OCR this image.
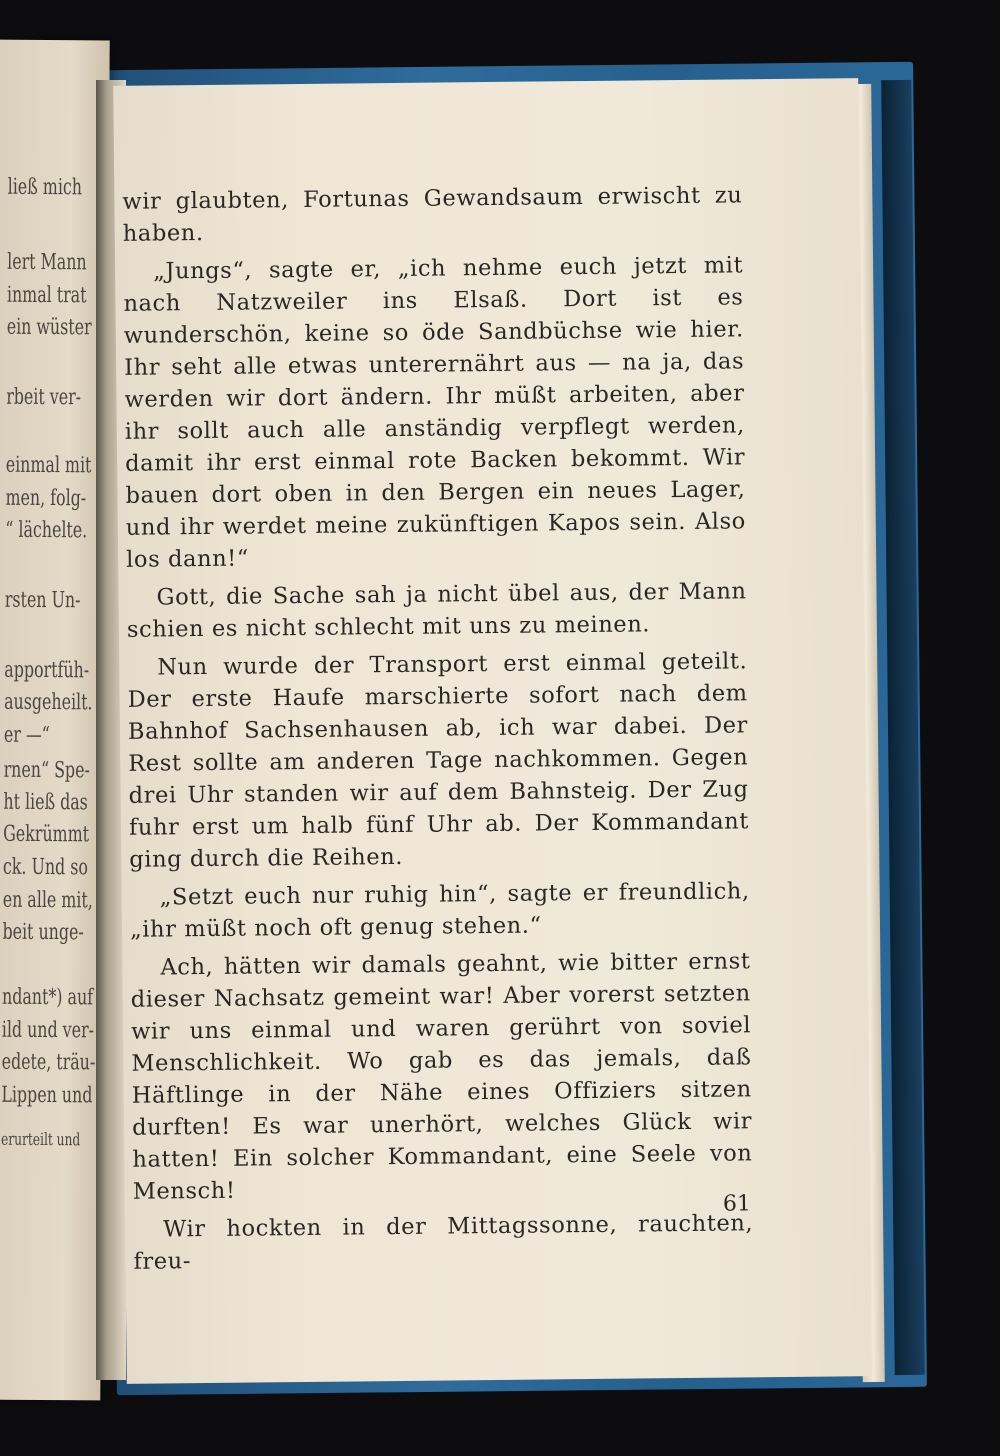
ließ mich
lert Mann
inmal trat
ein wüster
rbeit ver-
einmal mit
men, folg-
“ lächelte.
rsten Un-
apportfüh-
ausgeheilt.
er —“
rnen“ Spe-
ht ließ das
Gekrümmt
ck. Und so
en alle mit,
beit unge-
ndant*) auf
ild und ver-
edete, träu-
Lippen und
erurteilt und

wir glaubten, Fortunas Gewandsaum erwischt zu haben.

„Jungs“, sagte er, „ich nehme euch jetzt mit nach Natzweiler ins Elsaß. Dort ist es wunderschön, keine so öde Sandbüchse wie hier. Ihr seht alle etwas unterernährt aus — na ja, das werden wir dort ändern. Ihr müßt arbeiten, aber ihr sollt auch alle anständig verpflegt werden, damit ihr erst einmal rote Backen bekommt. Wir bauen dort oben in den Bergen ein neues Lager, und ihr werdet meine zukünftigen Kapos sein. Also los dann!“

Gott, die Sache sah ja nicht übel aus, der Mann schien es nicht schlecht mit uns zu meinen.

Nun wurde der Transport erst einmal geteilt. Der erste Haufe marschierte sofort nach dem Bahnhof Sachsenhausen ab, ich war dabei. Der Rest sollte am anderen Tage nachkommen. Gegen drei Uhr standen wir auf dem Bahnsteig. Der Zug fuhr erst um halb fünf Uhr ab. Der Kommandant ging durch die Reihen.

„Setzt euch nur ruhig hin“, sagte er freundlich, „ihr müßt noch oft genug stehen.“

Ach, hätten wir damals geahnt, wie bitter ernst dieser Nachsatz gemeint war! Aber vorerst setzten wir uns einmal und waren gerührt von soviel Menschlichkeit. Wo gab es das jemals, daß Häftlinge in der Nähe eines Offiziers sitzen durften! Es war unerhört, welches Glück wir hatten! Ein solcher Kommandant, eine Seele von Mensch!

Wir hockten in der Mittagssonne, rauchten, freu-

61
